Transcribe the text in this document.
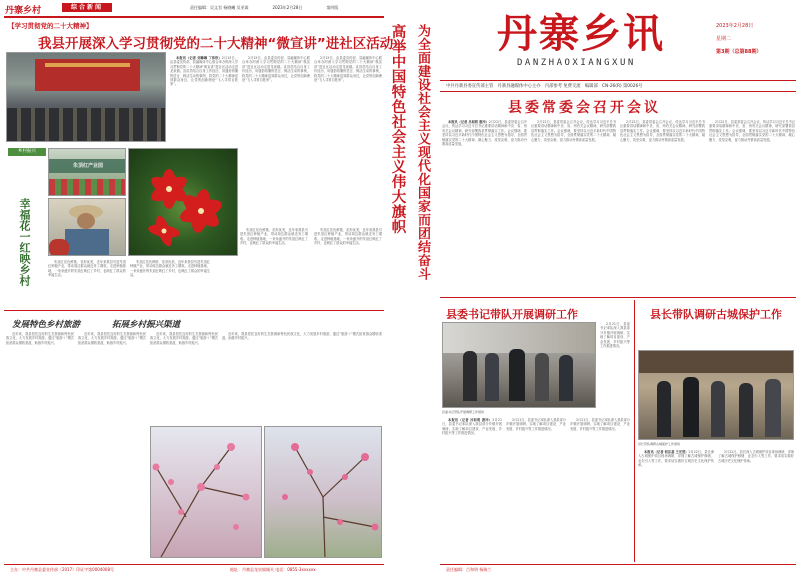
丹寨乡村	综合新闻	责任编辑：吴文君 杨晓曦 吴亚霖	2023年2月28日	第四版
【学习贯彻党的二十大精神】
我县开展深入学习贯彻党的二十大精神“微宣讲”进社区活动

本报讯（记者 刘琳琳 丁沛钦）2月15日，由县委宣传部、县融媒体中心联合举办的深入学习贯彻党的二十大精神“微宣讲”进社区活动走进龙泉镇。宣讲员结合自身工作经历，用通俗易懂的语言、鲜活生动的事例，将党的二十大精神送到群众身边，让党的创新理论“飞入寻常百姓家”。

2月15日，由县委宣传部、县融媒体中心联合举办的深入学习贯彻党的二十大精神“微宣讲”进社区活动走进龙泉镇。宣讲员结合自身工作经历，用通俗易懂的语言、鲜活生动的事例，将党的二十大精神送到群众身边，让党的创新理论“飞入寻常百姓家”。

2月15日，由县委宣传部、县融媒体中心联合举办的深入学习贯彻党的二十大精神“微宣讲”进社区活动走进龙泉镇。宣讲员结合自身工作经历，用通俗易懂的语言、鲜活生动的事例，将党的二十大精神送到群众身边，让党的创新理论“飞入寻常百姓家”。

乡村振兴
幸福花一红映乡村
朱顶红产业园

朱顶红花色鲜艳、花形优美，近年来我县引进朱顶红种植产业，带动周边群众就近务工增收。走进种植基地，一朵朵盛开的朱顶红映红了乡村，也映红了群众的幸福生活。

朱顶红花色鲜艳、花形优美，近年来我县引进朱顶红种植产业，带动周边群众就近务工增收。走进种植基地，一朵朵盛开的朱顶红映红了乡村，也映红了群众的幸福生活。

朱顶红花色鲜艳、花形优美，近年来我县引进朱顶红种植产业，带动周边群众就近务工增收。走进种植基地，一朵朵盛开的朱顶红映红了乡村，也映红了群众的幸福生活。

朱顶红花色鲜艳、花形优美，近年来我县引进朱顶红种植产业，带动周边群众就近务工增收。走进种植基地，一朵朵盛开的朱顶红映红了乡村，也映红了群众的幸福生活。

发展特色乡村旅游	拓展乡村振兴渠道

近年来，我县依托良好的生态资源和特色民族文化，大力发展乡村旅游，通过“旅游＋”模式拓宽群众增收渠道，助推乡村振兴。

近年来，我县依托良好的生态资源和特色民族文化，大力发展乡村旅游，通过“旅游＋”模式拓宽群众增收渠道，助推乡村振兴。

近年来，我县依托良好的生态资源和特色民族文化，大力发展乡村旅游，通过“旅游＋”模式拓宽群众增收渠道，助推乡村振兴。

近年来，我县依托良好的生态资源和特色民族文化，大力发展乡村旅游，通过“旅游＋”模式拓宽群众增收渠道，助推乡村振兴。

主办：中共丹寨县委宣传部（2017）印证字第0004008号	地址：丹寨县龙泉镇城关 电话：0855-3xxxxxx
高举中国特色社会主义伟大旗帜 为全面建设社会主义现代化国家而团结奋斗 丹寨乡讯
DANZHAOXIANGXUN
2023年2月28日
星期二
第3期（总第88期）
中共丹寨县委宣传部主管　丹寨县融媒体中心主办　内部参考 免费交流　编辑部　CN-26(R) 第0026号
县委常委会召开会议

本报讯（记者 吕和明 唐冲）2月22日，县委常委会召开会议，传达学习习近平总书记重要讲话精神和中央、省、州有关会议精神，研究部署我县贯彻落实工作。会议强调，要坚持以习近平新时代中国特色社会主义思想为指导，全面贯彻落实党的二十大精神，凝心聚力、攻坚克难，奋力推动丹寨高质量发展。

2月22日，县委常委会召开会议，传达学习习近平总书记重要讲话精神和中央、省、州有关会议精神，研究部署我县贯彻落实工作。会议强调，要坚持以习近平新时代中国特色社会主义思想为指导，全面贯彻落实党的二十大精神，凝心聚力、攻坚克难，奋力推动丹寨高质量发展。

2月22日，县委常委会召开会议，传达学习习近平总书记重要讲话精神和中央、省、州有关会议精神，研究部署我县贯彻落实工作。会议强调，要坚持以习近平新时代中国特色社会主义思想为指导，全面贯彻落实党的二十大精神，凝心聚力、攻坚克难，奋力推动丹寨高质量发展。

2月22日，县委常委会召开会议，传达学习习近平总书记重要讲话精神和中央、省、州有关会议精神，研究部署我县贯彻落实工作。会议强调，要坚持以习近平新时代中国特色社会主义思想为指导，全面贯彻落实党的二十大精神，凝心聚力、攻坚克难，奋力推动丹寨高质量发展。

县委书记带队开展调研工作
县委书记带队开展调研工作现场

2月21日，县委书记率队深入我县部分乡镇开展调研，实地了解项目建设、产业发展、乡村振兴等工作推进情况。

本报讯（记者 吕和明 唐冲）2月21日，县委书记率队深入我县部分乡镇开展调研，实地了解项目建设、产业发展、乡村振兴等工作推进情况。

2月21日，县委书记率队深入我县部分乡镇开展调研，实地了解项目建设、产业发展、乡村振兴等工作推进情况。

2月21日，县委书记率队深入我县部分乡镇开展调研，实地了解项目建设、产业发展、乡村振兴等工作推进情况。

县长带队调研古城保护工作
县长带队调研古城保护工作现场

本报讯（记者 何东基 王光然）2月22日，县长深入古城保护项目现场调研，详细了解古城保护修缮、业态引入等工作，要求切实做好古城历史文化保护传承。

2月22日，县长深入古城保护项目现场调研，详细了解古城保护修缮、业态引入等工作，要求切实做好古城历史文化保护传承。

责任编辑：吕和明 杨瑞兰
